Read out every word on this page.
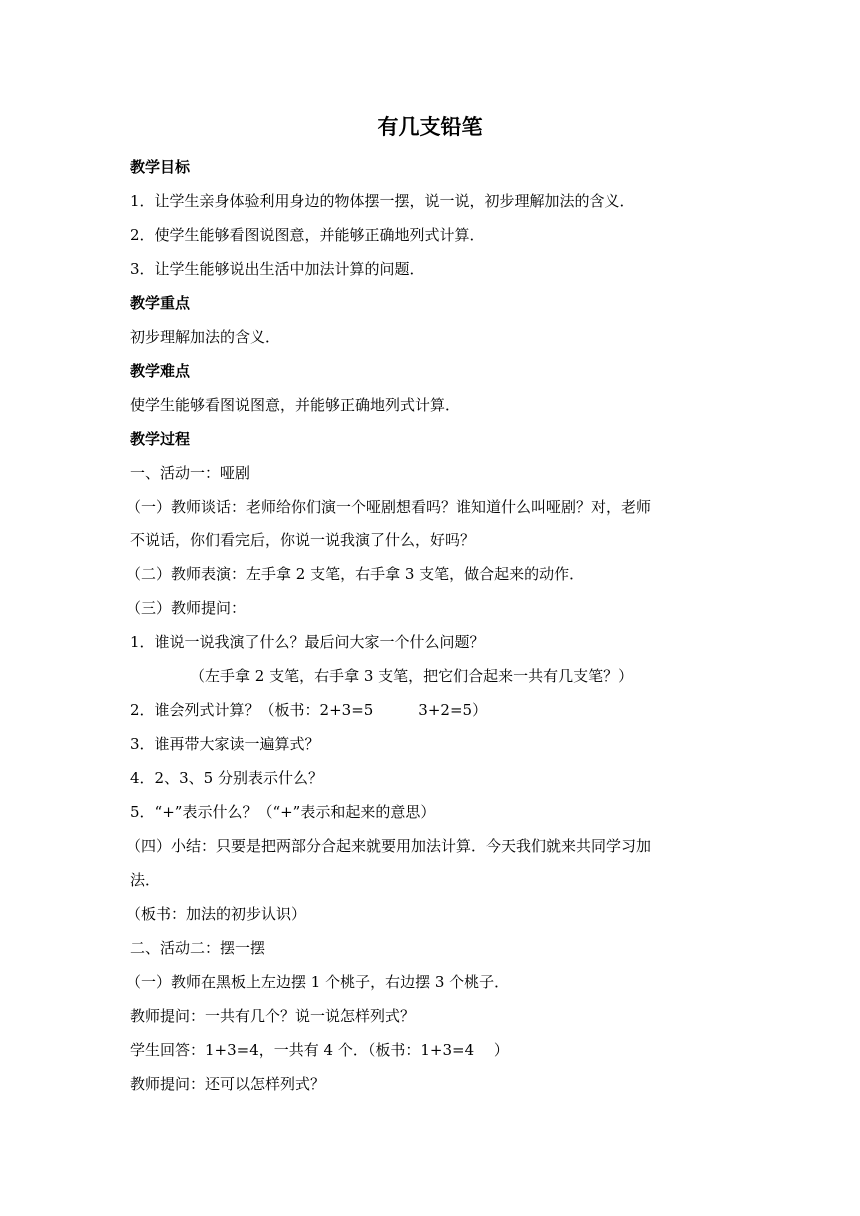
有几支铅笔
教学目标
1．让学生亲身体验利用身边的物体摆一摆，说一说，初步理解加法的含义．
2．使学生能够看图说图意，并能够正确地列式计算．
3．让学生能够说出生活中加法计算的问题．
教学重点
初步理解加法的含义．
教学难点
使学生能够看图说图意，并能够正确地列式计算．
教学过程
一、活动一：哑剧
（一）教师谈话：老师给你们演一个哑剧想看吗？谁知道什么叫哑剧？对，老师
不说话，你们看完后，你说一说我演了什么，好吗？
（二）教师表演：左手拿 2 支笔，右手拿 3 支笔，做合起来的动作．
（三）教师提问：
1．谁说一说我演了什么？最后问大家一个什么问题？
（左手拿 2 支笔，右手拿 3 支笔，把它们合起来一共有几支笔？）
2．谁会列式计算？（板书：2+3=5　　　3+2=5）
3．谁再带大家读一遍算式？
4．2、3、5 分别表示什么？
5．“+”表示什么？（“+”表示和起来的意思）
（四）小结：只要是把两部分合起来就要用加法计算．今天我们就来共同学习加
法．
（板书：加法的初步认识）
二、活动二：摆一摆
（一）教师在黑板上左边摆 1 个桃子，右边摆 3 个桃子．
教师提问：一共有几个？说一说怎样列式？
学生回答：1+3=4，一共有 4 个．（板书：1+3=4　 ）
教师提问：还可以怎样列式？
